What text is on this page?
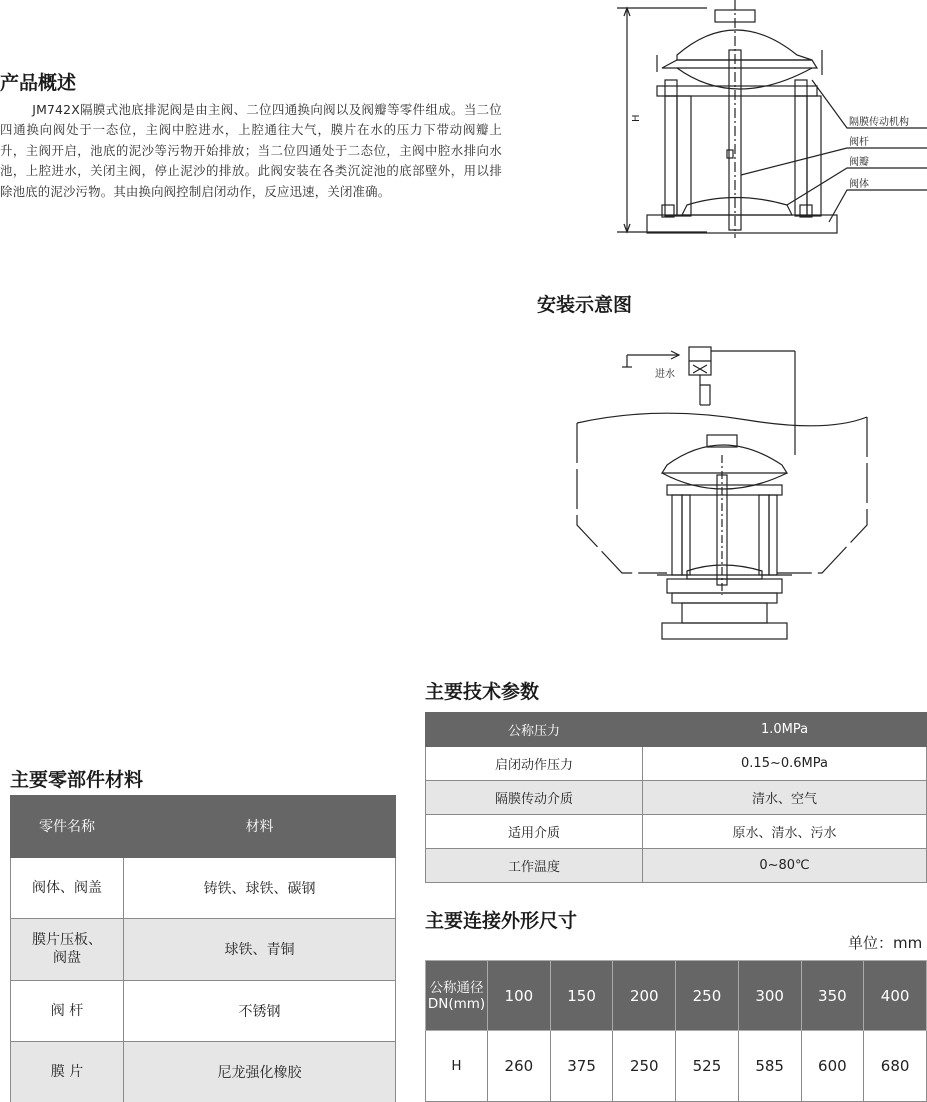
产品概述

JM742X隔膜式池底排泥阀是由主阀、二位四通换向阀以及阀瓣等零件组成。当二位四通换向阀处于一态位，主阀中腔进水，上腔通往大气，膜片在水的压力下带动阀瓣上升，主阀开启，池底的泥沙等污物开始排放；当二位四通处于二态位，主阀中腔水排向水池，上腔进水，关闭主阀，停止泥沙的排放。此阀安装在各类沉淀池的底部壁外，用以排除池底的泥沙污物。其由换向阀控制启闭动作，反应迅速，关闭准确。

H	隔膜传动机构
阀杆
阀瓣
阀体
安装示意图
进水
主要技术参数
公称压力	1.0MPa
启闭动作压力	0.15~0.6MPa
隔膜传动介质	清水、空气
适用介质	原水、清水、污水
工作温度	0~80℃
主要零部件材料
零件名称	材料
阀体、阀盖	铸铁、球铁、碳钢
膜片压板、阀盘	球铁、青铜
阀 杆	不锈钢
膜 片	尼龙强化橡胶
主要连接外形尺寸
单位：mm
公称通径DN(mm)	100	150	200	250	300	350	400
H	260	375	250	525	585	600	680
